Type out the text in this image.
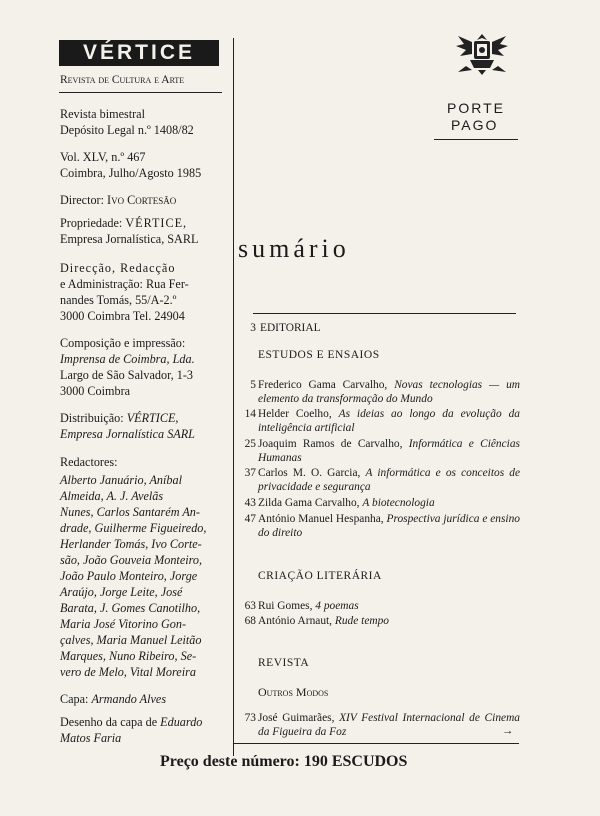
VÉRTICE
Revista de Cultura e Arte
Revista bimestral
Depósito Legal n.º 1408/82
Vol. XLV, n.º 467
Coimbra, Julho/Agosto 1985
Director: Ivo Cortesão
Propriedade: VÉRTICE,
Empresa Jornalística, SARL
Direcção, Redacção
e Administração: Rua Fer-
nandes Tomás, 55/A-2.º
3000 Coimbra Tel. 24904
Composição e impressão:
Imprensa de Coimbra, Lda.
Largo de São Salvador, 1-3
3000 Coimbra
Distribuição: VÉRTICE,
Empresa Jornalística SARL
Redactores:
Alberto Januário, Aníbal
Almeida, A. J. Avelãs
Nunes, Carlos Santarém An-
drade, Guilherme Figueiredo,
Herlander Tomás, Ivo Corte-
são, João Gouveia Monteiro,
João Paulo Monteiro, Jorge
Araújo, Jorge Leite, José
Barata, J. Gomes Canotilho,
Maria José Vitorino Gon-
çalves, Maria Manuel Leitão
Marques, Nuno Ribeiro, Se-
vero de Melo, Vital Moreira
Capa: Armando Alves
Desenho da capa de Eduardo
Matos Faria
PORTE
PAGO
sumário
3 EDITORIAL
ESTUDOS E ENSAIOS
5 Frederico Gama Carvalho, Novas tecnologias — um elemento da transformação do Mundo
14 Helder Coelho, As ideias ao longo da evolução da inteligência artificial
25 Joaquim Ramos de Carvalho, Informática e Ciências Humanas
37 Carlos M. O. Garcia, A informática e os conceitos de privacidade e segurança
43 Zilda Gama Carvalho, A biotecnologia
47 António Manuel Hespanha, Prospectiva jurídica e ensino do direito
CRIAÇÃO LITERÁRIA
63 Rui Gomes, 4 poemas
68 António Arnaut, Rude tempo
REVISTA
Outros Modos
73 José Guimarães, XIV Festival Internacional de Cinema da Figueira da Foz	→
Preço deste número: 190 ESCUDOS
